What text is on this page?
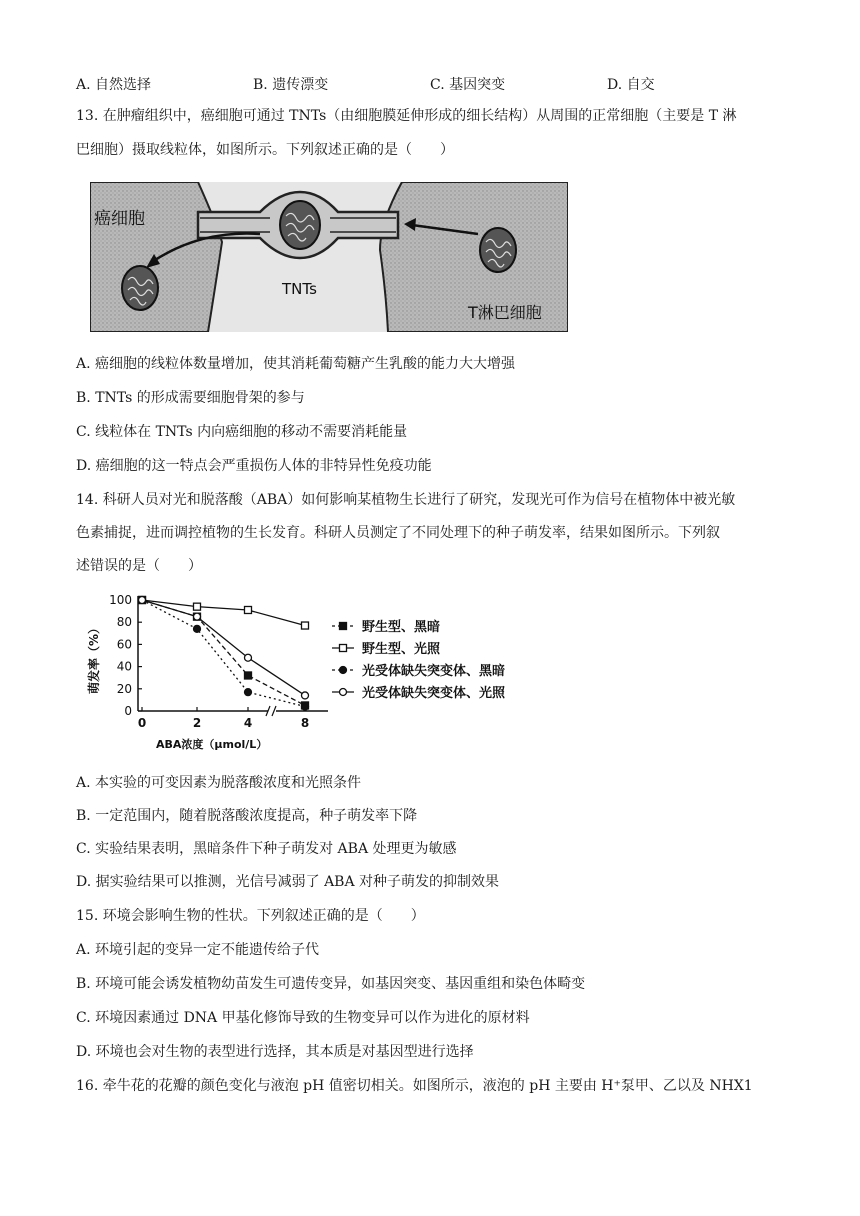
A. 自然选择	B. 遗传漂变	C. 基因突变	D. 自交
13. 在肿瘤组织中，癌细胞可通过 TNTs（由细胞膜延伸形成的细长结构）从周围的正常细胞（主要是 T 淋
巴细胞）摄取线粒体，如图所示。下列叙述正确的是（　　）
癌细胞
TNTs
T淋巴细胞
A. 癌细胞的线粒体数量增加，使其消耗葡萄糖产生乳酸的能力大大增强
B. TNTs 的形成需要细胞骨架的参与
C. 线粒体在 TNTs 内向癌细胞的移动不需要消耗能量
D. 癌细胞的这一特点会严重损伤人体的非特异性免疫功能
14. 科研人员对光和脱落酸（ABA）如何影响某植物生长进行了研究，发现光可作为信号在植物体中被光敏
色素捕捉，进而调控植物的生长发育。科研人员测定了不同处理下的种子萌发率，结果如图所示。下列叙
述错误的是（　　）
0
20
40
60
80
100
0	2	4	8
ABA浓度（μmol/L）
萌发率（%）	野生型、黑暗
野生型、光照
光受体缺失突变体、黑暗
光受体缺失突变体、光照
A. 本实验的可变因素为脱落酸浓度和光照条件
B. 一定范围内，随着脱落酸浓度提高，种子萌发率下降
C. 实验结果表明，黑暗条件下种子萌发对 ABA 处理更为敏感
D. 据实验结果可以推测，光信号减弱了 ABA 对种子萌发的抑制效果
15. 环境会影响生物的性状。下列叙述正确的是（　　）
A. 环境引起的变异一定不能遗传给子代
B. 环境可能会诱发植物幼苗发生可遗传变异，如基因突变、基因重组和染色体畸变
C. 环境因素通过 DNA 甲基化修饰导致的生物变异可以作为进化的原材料
D. 环境也会对生物的表型进行选择，其本质是对基因型进行选择
16. 牵牛花的花瓣的颜色变化与液泡 pH 值密切相关。如图所示，液泡的 pH 主要由 H⁺泵甲、乙以及 NHX1
